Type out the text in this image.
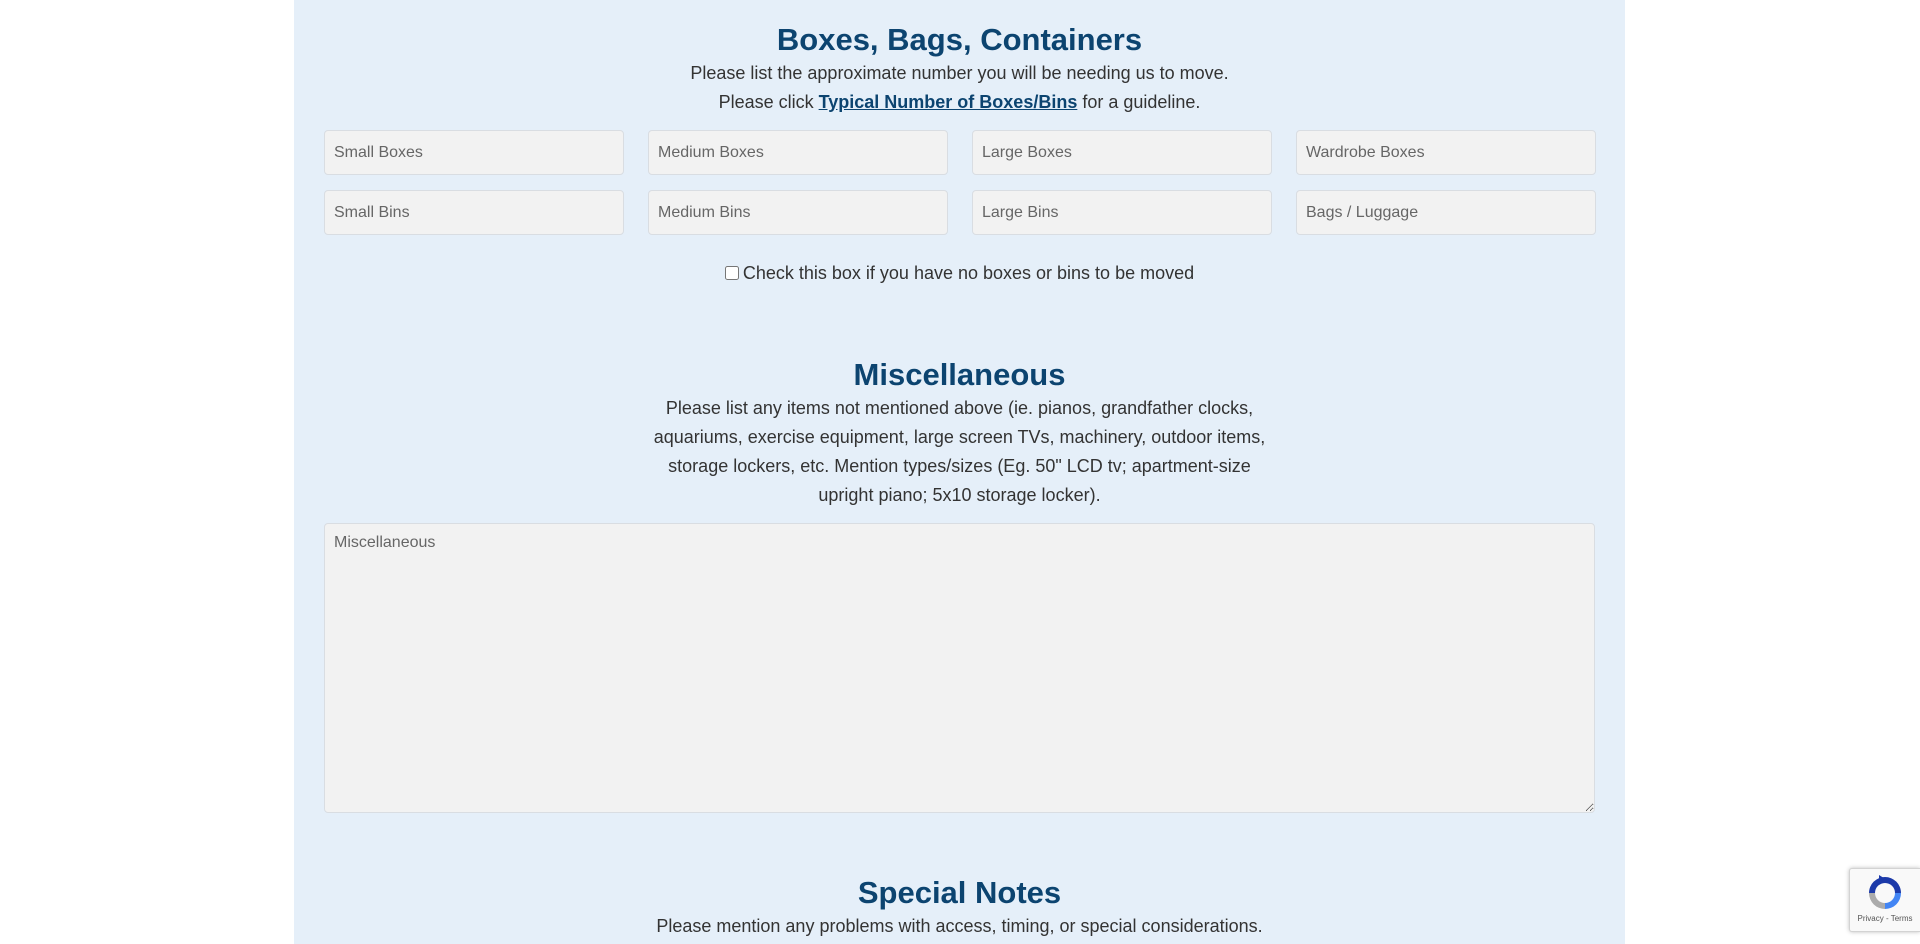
Boxes, Bags, Containers

Please list the approximate number you will be needing us to move.

Please click Typical Number of Boxes/Bins for a guideline.

Small Boxes
Medium Boxes
Large Boxes
Wardrobe Boxes
Small Bins
Medium Bins
Large Bins
Bags / Luggage
Check this box if you have no boxes or bins to be moved
Miscellaneous

Please list any items not mentioned above (ie. pianos, grandfather clocks, aquariums, exercise equipment, large screen TVs, machinery, outdoor items, storage lockers, etc. Mention types/sizes (Eg. 50" LCD tv; apartment-size upright piano; 5x10 storage locker).

Miscellaneous
Special Notes

Please mention any problems with access, timing, or special considerations.	Privacy - Terms
